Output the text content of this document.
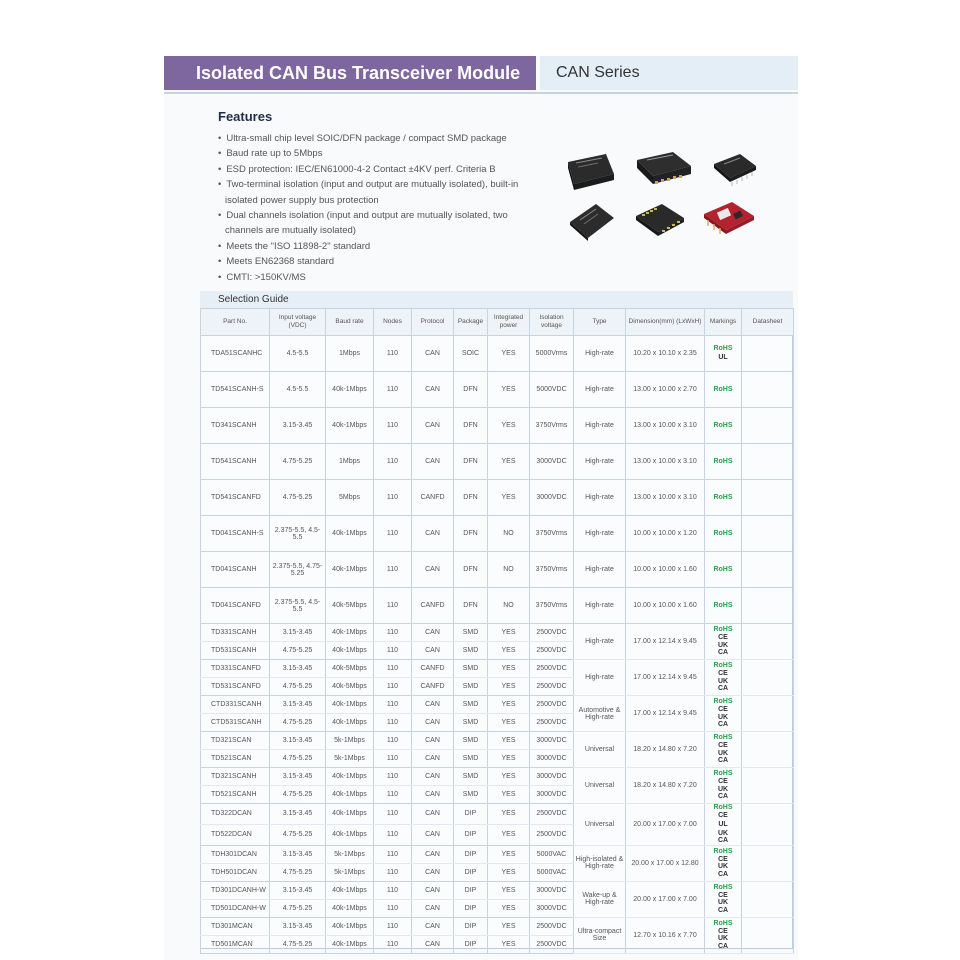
Isolated CAN Bus Transceiver Module	CAN Series
Features
• Ultra-small chip level SOIC/DFN package / compact SMD package
• Baud rate up to 5Mbps
• ESD protection: IEC/EN61000-4-2 Contact ±4KV perf. Criteria B
• Two-terminal isolation (input and output are mutually isolated), built-in
isolated power supply bus protection
• Dual channels isolation (input and output are mutually isolated, two
channels are mutually isolated)
• Meets the "ISO 11898-2" standard
• Meets EN62368 standard
• CMTI: >150KV/MS
Selection Guide
Part No.	Input voltage (VDC)	Baud rate	Nodes	Protocol	Package	Integrated power	Isolation voltage	Type	Dimension(mm) (LxWxH)	Markings	Datasheet
TDA51SCANHC	4.5-5.5	1Mbps	110	CAN	SOIC	YES	5000Vrms	High-rate	10.20 x 10.10 x 2.35	RoHS
UL	

TD541SCANH-S	4.5-5.5	40k-1Mbps	110	CAN	DFN	YES	5000VDC	High-rate	13.00 x 10.00 x 2.70	RoHS	

TD341SCANH	3.15-3.45	40k-1Mbps	110	CAN	DFN	YES	3750Vrms	High-rate	13.00 x 10.00 x 3.10	RoHS	

TD541SCANH	4.75-5.25	1Mbps	110	CAN	DFN	YES	3000VDC	High-rate	13.00 x 10.00 x 3.10	RoHS	

TD541SCANFD	4.75-5.25	5Mbps	110	CANFD	DFN	YES	3000VDC	High-rate	13.00 x 10.00 x 3.10	RoHS	

TD041SCANH-S	2.375-5.5, 4.5-5.5	40k-1Mbps	110	CAN	DFN	NO	3750Vrms	High-rate	10.00 x 10.00 x 1.20	RoHS	

TD041SCANH	2.375-5.5, 4.75-5.25	40k-1Mbps	110	CAN	DFN	NO	3750Vrms	High-rate	10.00 x 10.00 x 1.60	RoHS	

TD041SCANFD	2.375-5.5, 4.5-5.5	40k-5Mbps	110	CANFD	DFN	NO	3750Vrms	High-rate	10.00 x 10.00 x 1.60	RoHS	

TD331SCANH	3.15-3.45	40k-1Mbps	110	CAN	SMD	YES	2500VDC	High-rate	17.00 x 12.14 x 9.45	RoHS
CE
UK
CA	

TD531SCANH	4.75-5.25	40k-1Mbps	110	CAN	SMD	YES	2500VDC				
TD331SCANFD	3.15-3.45	40k-5Mbps	110	CANFD	SMD	YES	2500VDC	High-rate	17.00 x 12.14 x 9.45	RoHS
CE
UK
CA	

TD531SCANFD	4.75-5.25	40k-5Mbps	110	CANFD	SMD	YES	2500VDC				
CTD331SCANH	3.15-3.45	40k-1Mbps	110	CAN	SMD	YES	2500VDC	Automotive & High-rate	17.00 x 12.14 x 9.45	RoHS
CE
UK
CA	

CTD531SCANH	4.75-5.25	40k-1Mbps	110	CAN	SMD	YES	2500VDC				
TD321SCAN	3.15-3.45	5k-1Mbps	110	CAN	SMD	YES	3000VDC	Universal	18.20 x 14.80 x 7.20	RoHS
CE
UK
CA	

TD521SCAN	4.75-5.25	5k-1Mbps	110	CAN	SMD	YES	3000VDC				
TD321SCANH	3.15-3.45	40k-1Mbps	110	CAN	SMD	YES	3000VDC	Universal	18.20 x 14.80 x 7.20	RoHS
CE
UK
CA	

TD521SCANH	4.75-5.25	40k-1Mbps	110	CAN	SMD	YES	3000VDC				
TD322DCAN	3.15-3.45	40k-1Mbps	110	CAN	DIP	YES	2500VDC	Universal	20.00 x 17.00 x 7.00	RoHS
CE
UL
UK
CA	

TD522DCAN	4.75-5.25	40k-1Mbps	110	CAN	DIP	YES	2500VDC				
TDH301DCAN	3.15-3.45	5k-1Mbps	110	CAN	DIP	YES	5000VAC	High-isolated & High-rate	20.00 x 17.00 x 12.80	RoHS
CE
UK
CA	

TDH501DCAN	4.75-5.25	5k-1Mbps	110	CAN	DIP	YES	5000VAC				
TD301DCANH-W	3.15-3.45	40k-1Mbps	110	CAN	DIP	YES	3000VDC	Wake-up & High-rate	20.00 x 17.00 x 7.00	RoHS
CE
UK
CA	

TD501DCANH-W	4.75-5.25	40k-1Mbps	110	CAN	DIP	YES	3000VDC				
TD301MCAN	3.15-3.45	40k-1Mbps	110	CAN	DIP	YES	2500VDC	Ultra-compact Size	12.70 x 10.16 x 7.70	RoHS
CE
UK
CA	

TD501MCAN	4.75-5.25	40k-1Mbps	110	CAN	DIP	YES	2500VDC				
